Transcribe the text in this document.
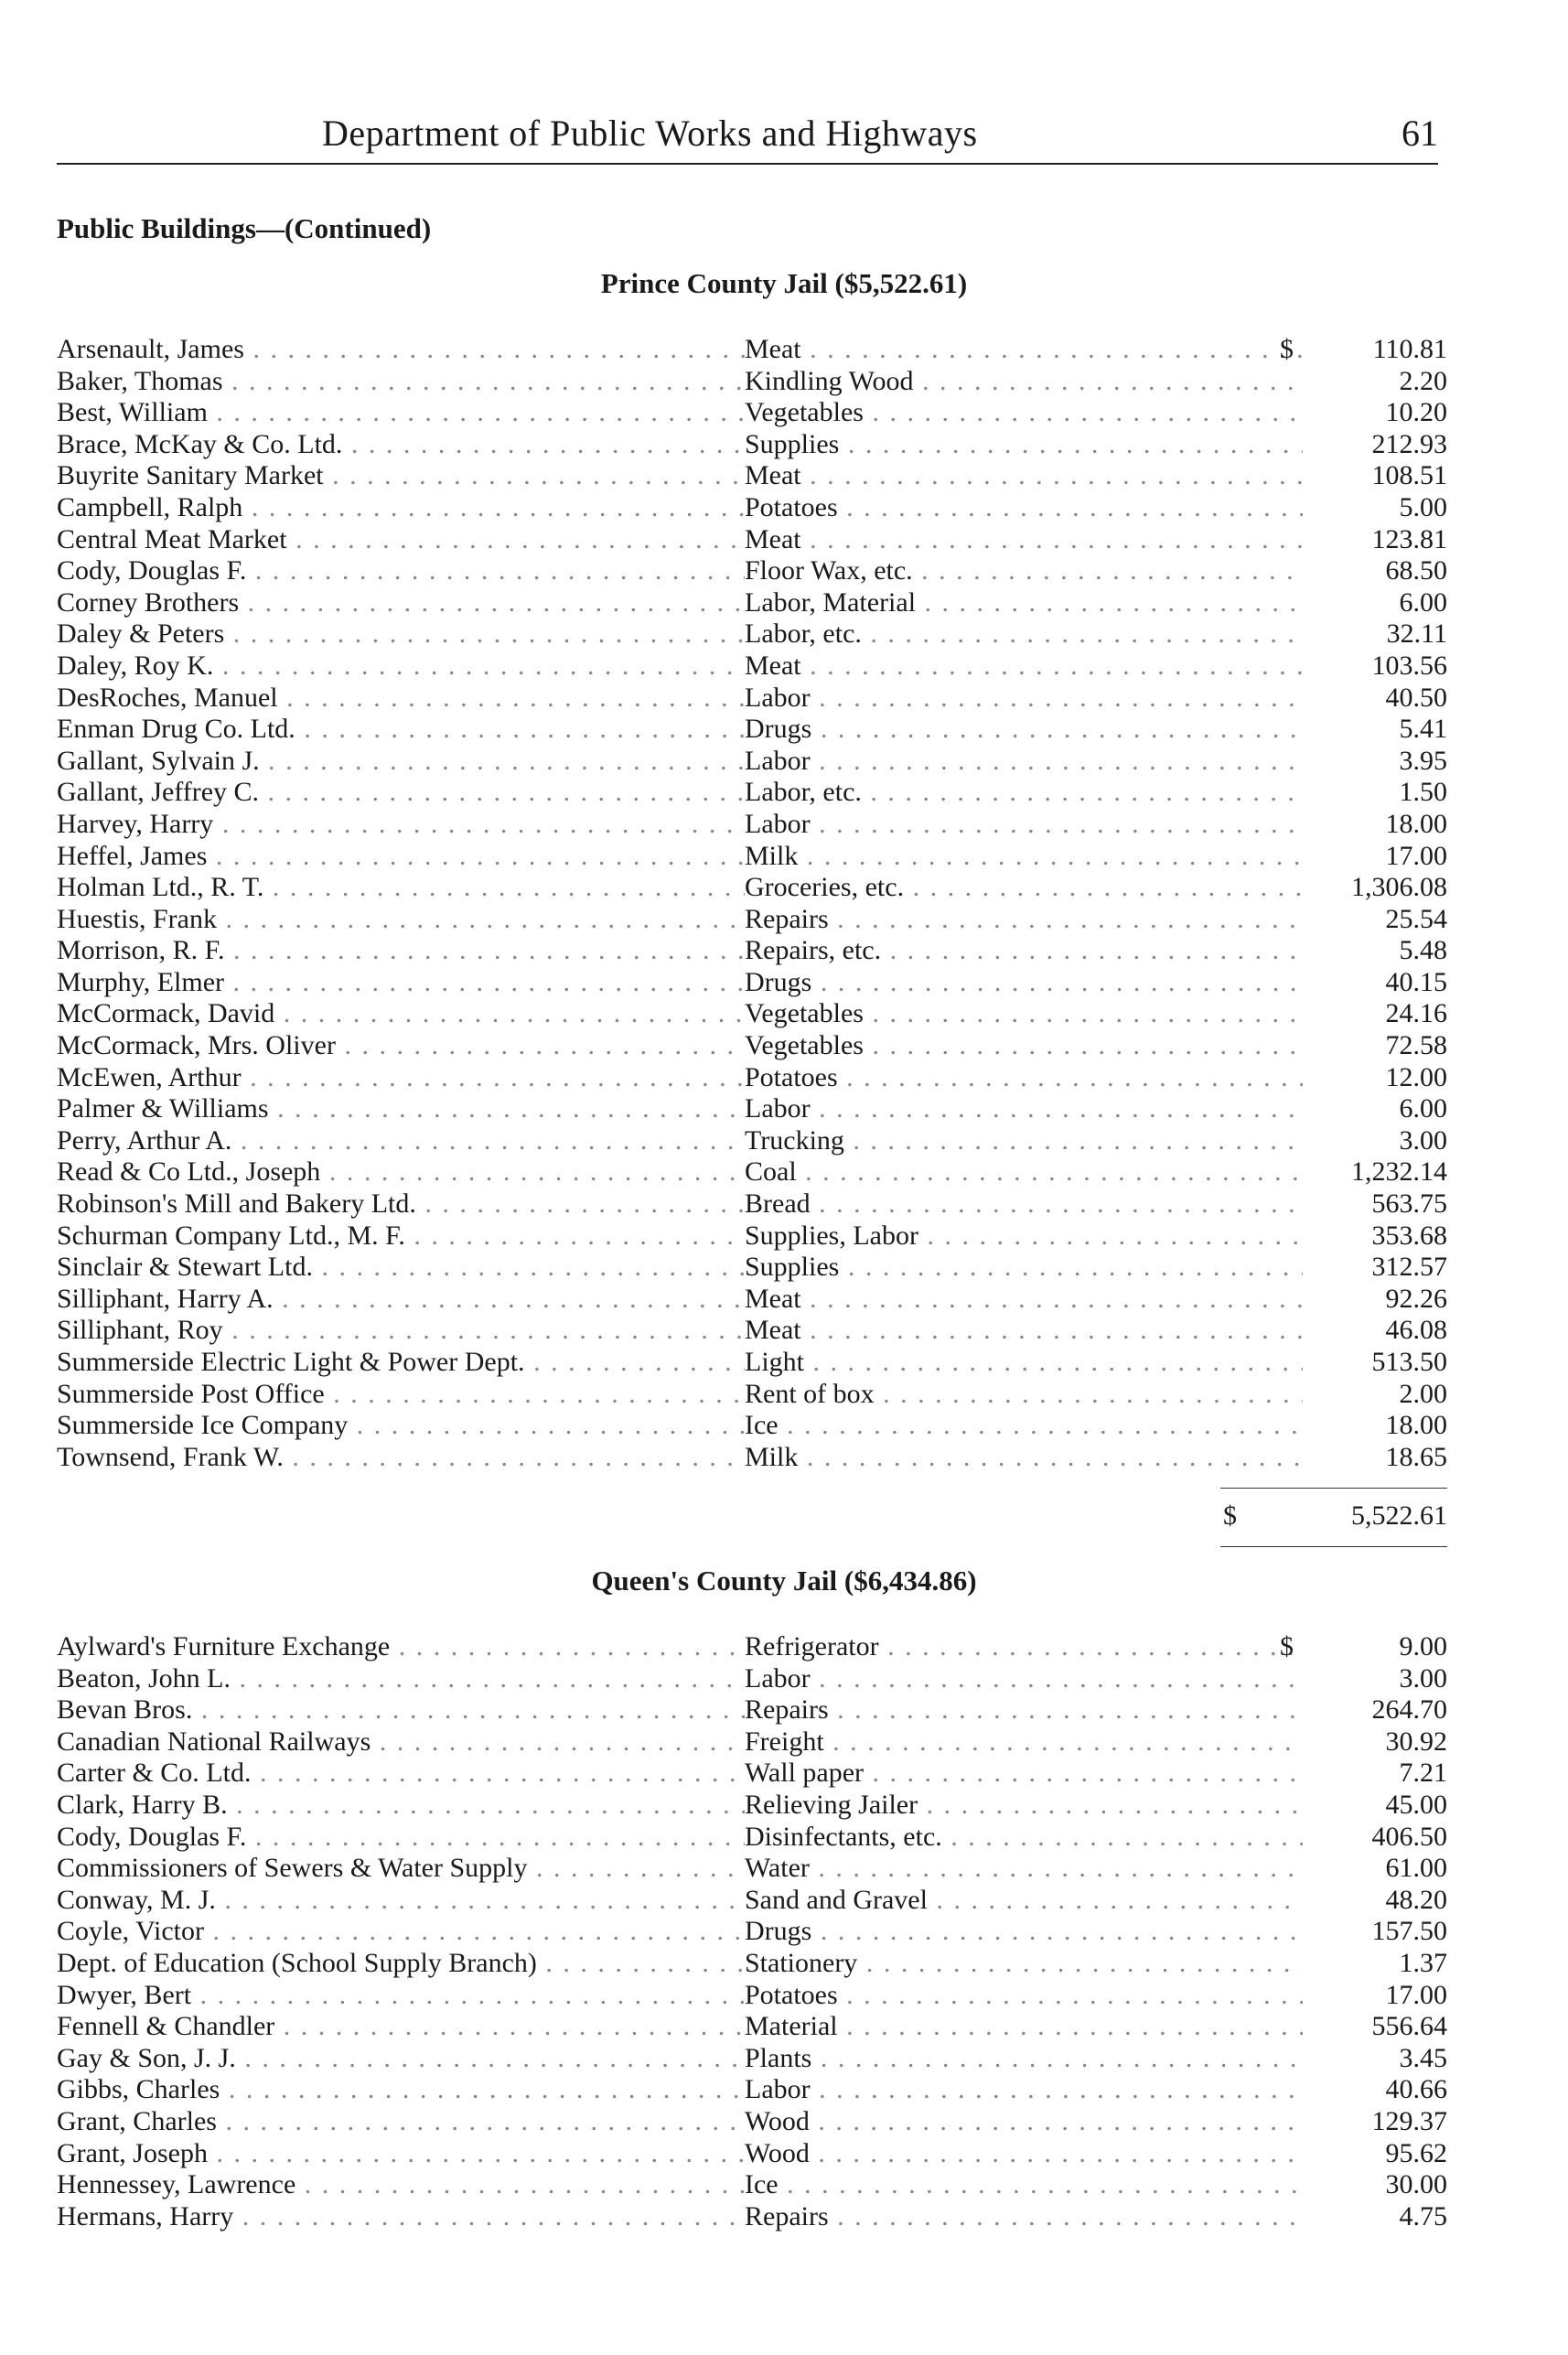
Department of Public Works and Highways	61
Public Buildings—(Continued)
Prince County Jail ($5,522.61)
Arsenault, James . . .	Meat . . .	$	110.81
Baker, Thomas . . .	Kindling Wood . . .	2.20
Best, William . . .	Vegetables . . .	10.20
Brace, McKay & Co. Ltd. . . .	Supplies . . .	212.93
Buyrite Sanitary Market . . .	Meat . . .	108.51
Campbell, Ralph . . .	Potatoes . . .	5.00
Central Meat Market . . .	Meat . . .	123.81
Cody, Douglas F. . . .	Floor Wax, etc. . . .	68.50
Corney Brothers . . .	Labor, Material . . .	6.00
Daley & Peters . . .	Labor, etc. . . .	32.11
Daley, Roy K. . . .	Meat . . .	103.56
DesRoches, Manuel . . .	Labor . . .	40.50
Enman Drug Co. Ltd. . . .	Drugs . . .	5.41
Gallant, Sylvain J. . . .	Labor . . .	3.95
Gallant, Jeffrey C. . . .	Labor, etc. . . .	1.50
Harvey, Harry . . .	Labor . . .	18.00
Heffel, James . . .	Milk . . .	17.00
Holman Ltd., R. T. . . .	Groceries, etc. . . .	1,306.08
Huestis, Frank . . .	Repairs . . .	25.54
Morrison, R. F. . . .	Repairs, etc. . . .	5.48
Murphy, Elmer . . .	Drugs . . .	40.15
McCormack, David . . .	Vegetables . . .	24.16
McCormack, Mrs. Oliver . . .	Vegetables . . .	72.58
McEwen, Arthur . . .	Potatoes . . .	12.00
Palmer & Williams . . .	Labor . . .	6.00
Perry, Arthur A. . . .	Trucking . . .	3.00
Read & Co Ltd., Joseph . . .	Coal . . .	1,232.14
Robinson's Mill and Bakery Ltd. . . .	Bread . . .	563.75
Schurman Company Ltd., M. F. . . .	Supplies, Labor . . .	353.68
Sinclair & Stewart Ltd. . . .	Supplies . . .	312.57
Silliphant, Harry A. . . .	Meat . . .	92.26
Silliphant, Roy . . .	Meat . . .	46.08
Summerside Electric Light & Power Dept. . . .	Light . . .	513.50
Summerside Post Office . . .	Rent of box . . .	2.00
Summerside Ice Company . . .	Ice . . .	18.00
Townsend, Frank W. . . .	Milk . . .	18.65
$	5,522.61
Queen's County Jail ($6,434.86)
Aylward's Furniture Exchange . . .	Refrigerator . . .	$	9.00
Beaton, John L. . . .	Labor . . .	3.00
Bevan Bros. . . .	Repairs . . .	264.70
Canadian National Railways . . .	Freight . . .	30.92
Carter & Co. Ltd. . . .	Wall paper . . .	7.21
Clark, Harry B. . . .	Relieving Jailer . . .	45.00
Cody, Douglas F. . . .	Disinfectants, etc. . . .	406.50
Commissioners of Sewers & Water Supply . . .	Water . . .	61.00
Conway, M. J. . . .	Sand and Gravel . . .	48.20
Coyle, Victor . . .	Drugs . . .	157.50
Dept. of Education (School Supply Branch) . . .	Stationery . . .	1.37
Dwyer, Bert . . .	Potatoes . . .	17.00
Fennell & Chandler . . .	Material . . .	556.64
Gay & Son, J. J. . . .	Plants . . .	3.45
Gibbs, Charles . . .	Labor . . .	40.66
Grant, Charles . . .	Wood . . .	129.37
Grant, Joseph . . .	Wood . . .	95.62
Hennessey, Lawrence . . .	Ice . . .	30.00
Hermans, Harry . . .	Repairs . . .	4.75
